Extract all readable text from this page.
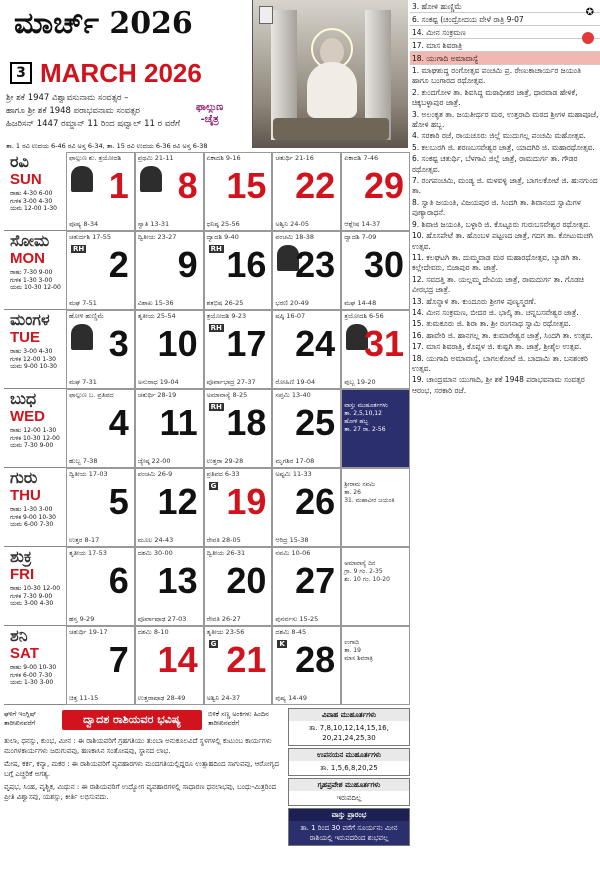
ಮಾರ್ಚ್ 2026
3 MARCH 2026
ಶ್ರೀ ಶಕೆ 1947 ವಿಶ್ವಾವಸುನಾಮ ಸಂವತ್ಸರ –
ಹಾಗೂ ಶ್ರೀ ಶಕೆ 1948 ಪರಾಭವನಾಮ ಸಂವತ್ಸರ
ಹಿಜರಿಸನ್ 1447 ರಮ್ಜಾನ್ 11 ರಿಂದ ಷವ್ವಾಲ್ 11 ರ ವರೆಗೆ
ಫಾಲ್ಗುಣ
-ಚೈತ್ರ
ತಾ. 1 ರವಿ ಉದಯ 6-46 ರವಿ ಅಸ್ತ 6-34, ತಾ. 15 ರವಿ ಉದಯ 6-36 ರವಿ ಅಸ್ತ 6-38
3. ಹೋಳಿ ಹುಣ್ಣಿಮೆ
6. ಸಂಕಷ್ಟ (ಚಂದ್ರೋದಯ ವೇಳೆ ರಾತ್ರಿ 9-07
14. ಮೀನ ಸಂಕ್ರಮಣ
17. ಮಾಸ ಶಿವರಾತ್ರಿ
18. ಯುಗಾದಿ ಅಮಾವಾಸ್ಯೆ
✪
1. ಮಾಘಶುದ್ಧ ರಂಗೋತ್ಸವ ಪಂಚಮಿ ಪ್ರ. ರೇಣುಕಾಚಾರ್ಯರ ಜಯಂತಿ ಹಾಗೂ ಬಂಗಾರದ ರಥೋತ್ಸವ.
2. ಕುಂದಗೋಳ ತಾ. ಶಿವಸಿದ್ಧ ಮಠಾಧೀಶರ ಜಾತ್ರೆ, ಧಾರವಾಡ ಹೇಳಿಕೆ, ಚಿಕ್ಕಬಳ್ಳಾಪುರ ಜಾತ್ರೆ.
3. ಅಲಂಕೃತ ತಾ. ಜಯತೀರ್ಥರ ಮಠ, ಉತ್ತರಾದಿ ಮಠದ ಶ್ರೀಗಳ ಮಹಾಪೂಜೆ, ಹೋಳಿ ಹಬ್ಬ.
4. ಸರಕಾರಿ ರಜೆ, ರಾಯಚೂರು ಜಿಲ್ಲೆ ಮುದುಗಲ್ಲ ಪಂಚಮಿ ಮಹೋತ್ಸವ.
5. ಕಲಬುರಗಿ ಜಿ. ಶರಣಬಸವೇಶ್ವರ ಜಾತ್ರೆ, ಯಾದಗಿರಿ ಜಿ. ಮಹಾರಥೋತ್ಸವ.
6. ಸಂಕಷ್ಟ ಚತುರ್ಥಿ, ಬೆಳಗಾವಿ ಜಿಲ್ಲೆ ಜಾತ್ರೆ, ರಾಮದುರ್ಗ ತಾ. ಗೌಡರ ರಥೋತ್ಸವ.
7. ರಂಗಪಂಚಮಿ, ಮಂಡ್ಯ ಜಿ. ಮಳವಳ್ಳಿ ಜಾತ್ರೆ, ಬಾಗಲಕೋಟೆ ಜಿ. ಹುನಗುಂದ ತಾ.
8. ಸ್ವಾತಿ ಜಯಂತಿ, ವಿಜಯಪುರ ಜಿ. ಸಿಂದಗಿ ತಾ. ಶಿವಾನಂದ ಸ್ವಾಮಿಗಳ ಪುಣ್ಯಾರಾಧನೆ.
9. ಶಿವಾಜಿ ಜಯಂತಿ, ಬಳ್ಳಾರಿ ಜಿ. ಕೊಟ್ಟೂರು ಗುರುಬಸವೇಶ್ವರ ರಥೋತ್ಸವ.
10. ಹೊಸಪೇಟೆ ತಾ. ಹೊಂಬಳ ಪಟ್ಟಣದ ಜಾತ್ರೆ, ಗದಗ ತಾ. ಕೋಟುಮಚಗಿ ಉತ್ಸವ.
11. ಕಲಘಟಗಿ ತಾ. ದುಮ್ಮವಾಡ ಮಠ ಮಹಾರಥೋತ್ಸವ, ಬ್ಯಾಡಗಿ ತಾ. ಕಲ್ಲೇದೇವರು, ಬಿಜಾಪುರ ತಾ. ಜಾತ್ರೆ.
12. ಸವದತ್ತಿ ತಾ. ಯಲ್ಲಮ್ಮ ದೇವಿಯ ಜಾತ್ರೆ, ರಾಮದುರ್ಗ ತಾ. ಗೊಡಚಿ ವೀರಭದ್ರ ಜಾತ್ರೆ.
13. ಹೊನ್ನಾಳಿ ತಾ. ಕುಂದೂರು ಶ್ರೀಗಳ ಪುಣ್ಯಸ್ಮರಣೆ.
14. ಮೀನ ಸಂಕ್ರಮಣ, ಬೀದರ ಜಿ. ಭಾಲ್ಕಿ ತಾ. ಚನ್ನಬಸವೇಶ್ವರ ಜಾತ್ರೆ.
15. ತುಮಕೂರು ಜಿ. ಶಿರಾ ತಾ. ಶ್ರೀ ರಂಗನಾಥ ಸ್ವಾಮಿ ರಥೋತ್ಸವ.
16. ಹಾವೇರಿ ಜಿ. ಹಾನಗಲ್ಲ ತಾ. ಕುಮಾರೇಶ್ವರ ಜಾತ್ರೆ, ಸಿಂದಗಿ ತಾ. ಉತ್ಸವ.
17. ಮಾಸ ಶಿವರಾತ್ರಿ, ಕೊಪ್ಪಳ ಜಿ. ಕುಷ್ಟಗಿ ತಾ. ಜಾತ್ರೆ, ಶ್ರೀಶೈಲ ಉತ್ಸವ.
18. ಯುಗಾದಿ ಅಮಾವಾಸ್ಯೆ, ಬಾಗಲಕೋಟೆ ಜಿ. ಬಾದಾಮಿ ತಾ. ಬನಶಂಕರಿ ಉತ್ಸವ.
19. ಚಾಂದ್ರಮಾನ ಯುಗಾದಿ, ಶ್ರೀ ಶಕೆ 1948 ಪರಾಭವನಾಮ ಸಂವತ್ಸರ ಆರಂಭ, ಸರಕಾರಿ ರಜೆ.
ರವಿ
SUN
ರಾಹು 4-30 6-00
ಗುಳಿಕ 3-00 4-30
ಯಮ 12-00 1-30
ಫಾಲ್ಗುಣ ಶು. ತ್ರಯೋದಶಿ
1
ಪೂಷ್ಯ 8-34
ಪ್ರಥಮಿ 21-11
8
ಸ್ವಾತಿ 13-31
ಏಕಾದಶಿ 9-16
15
ಧನಿಷ್ಠ 25-56
ಚತುರ್ಥಿ 21-16
22
ಅಶ್ವಿನಿ 24-05
ಏಕಾದಶಿ 7-46
29
ಆಶ್ಲೇಷ 14-37
ಸೋಮ
MON
ರಾಹು 7-30 9-00
ಗುಳಿಕ 1-30 3-00
ಯಮ 10-30 12-00
ಚತುರ್ದಶಿ 17-55
RH 2
ಮಘ 7-51
ದ್ವಿತೀಯ 23-27
9
ವಿಶಾಖ 15-36
ದ್ವಾದಶಿ 9-40
RH 16
ಶತಭಿಷ 26-25
ಪಂಚಮಿ 18-38
23
ಭರಣಿ 20-49
ದ್ವಾದಶಿ 7-09
30
ಮಘ 14-48
ಮಂಗಳ
TUE
ರಾಹು 3-00 4-30
ಗುಳಿಕ 12-00 1-30
ಯಮ 9-00 10-30
ಹೋಳಿ ಹುಣ್ಣಿಮೆ
3
ಮಘ 7-31
ತೃತೀಯ 25-54
10
ಅನುರಾಧ 19-04
ತ್ರಯೋದಶಿ 9-23
RH 17
ಪೂರ್ವಾಭಾದ್ರ 27-37
ಷಷ್ಠಿ 16-07
24
ರೋಹಿಣಿ 19-04
ತ್ರಯೋದಶಿ 6-56
31
ಪುಬ್ಬ 19-20
ಬುಧ
WED
ರಾಹು 12-00 1-30
ಗುಳಿಕ 10-30 12-00
ಯಮ 7-30 9-00
ಫಾಲ್ಗುಣ ಬ. ಪ್ರತಿಪದ
4
ಹುಬ್ಬ 7-38
ಚತುರ್ಥಿ 28-19
11
ಜ್ಯೇಷ್ಠ 22-00
ಅಮಾವಾಸ್ಯೆ 8-25
RH 18
ಉತ್ತರಾ 29-28
ಸಪ್ತಮಿ 13-40
25
ಮೃಗಶಿರ 17-08
ವಾಸ್ತು ಮುಹೂರ್ತಗಳು
ತಾ. 2,5,10,12
ಹೋಳಿ ಹಬ್ಬ
ತಾ. 27 ರಾ. 2-56
ಗುರು
THU
ರಾಹು 1-30 3-00
ಗುಳಿಕ 9-00 10-30
ಯಮ 6-00 7-30
ದ್ವಿತೀಯ 17-03
5
ಉತ್ತರ 8-17
ಪಂಚಮಿ 26-9
12
ಮೂಲ 24-43
ಪ್ರತಿಪದ 6-33
G 19
ರೇವತಿ 28-05
ಅಷ್ಟಮಿ 11-33
26
ಆರಿದ್ರ 15-38
ಶ್ರೀರಾಮ ನವಮಿ
ತಾ. 26
31. ಮಹಾವೀರ ಜಯಂತಿ
ಶುಕ್ರ
FRI
ರಾಹು 10-30 12-00
ಗುಳಿಕ 7-30 9-00
ಯಮ 3-00 4-30
ತೃತೀಯ 17-53
6
ಹಸ್ತ 9-29
ದಶಮಿ 30-00
13
ಪೂರ್ವಾಷಾಢ 27-03
ದ್ವಿತೀಯ 26-31
20
ರೇವತಿ 26-27
ನವಮಿ 10-06
27
ಪುನರ್ವಸು 15-25
ಅಮಾವಾಸ್ಯೆ ದಿನ
ಗ್ರಾ. 9 ಗಂ. 2-35
ಶು. 10 ಗಂ. 10-20
ಶನಿ
SAT
ರಾಹು 9-00 10-30
ಗುಳಿಕ 6-00 7-30
ಯಮ 1-30 3-00
ಚತುರ್ಥಿ 19-17
7
ಚಿತ್ತ 11-15
ದಶಮಿ 8-10
14
ಉತ್ತರಾಷಾಢ 28-49
ತೃತೀಯ 23-56
G 21
ಅಶ್ವಿನಿ 24-37
ದಶಮಿ 8-45
K 28
ಪುಷ್ಯ 14-49
ಉಗಾದಿ
ತಾ. 19
ಮಾಸ ಶಿವರಾತ್ರಿ
ಘಳಿಗೆ ಇಂಗ್ಲಿಷ್ ತಾರೀಖಿನವರೆಗೆ	ದ್ವಾದಶ ರಾಶಿಯವರ ಭವಿಷ್ಯ	ಬಿಳಿಕೆ ಸಣ್ಣ ಅಂಕಿಗಳು ಹಿಂದಿನ ತಾರೀಖಿನವರೆಗೆ

ತುಲಾ, ಧನಸ್ಸು, ಕುಂಭ, ಮೀನ : ಈ ರಾಶಿಯವರಿಗೆ ಗ್ರಹಗತಿಯು ತುಂಬಾ ಅನುಕೂಲವಿದೆ ಸ್ಥಳಗಳಲ್ಲಿ ಕುಟುಂಬ ಕಾರ್ಯಗಳು ಮಂಗಳಕಾರ್ಯಗಳು ಜರುಗುವವು, ಹಣಕಾಸಿನ ಸಂತೋಷವು, ಸ್ಥಾನದ ಲಾಭ.

ಮೇಷ, ಕರ್ಕ, ಕನ್ಯಾ, ಮಕರ : ಈ ರಾಶಿಯವರಿಗೆ ವ್ಯವಹಾರಗಳು ಮಂದಗತಿಯಲ್ಲಿದ್ದರೂ ಉತ್ಸಾಹದಿಂದ ಸಾಗುವವು, ಆರೋಗ್ಯದ ಬಗ್ಗೆ ಎಚ್ಚರಿಕೆ ಅಗತ್ಯ.

ವೃಷಭ, ಸಿಂಹ, ವೃಶ್ಚಿಕ, ಮಿಥುನ : ಈ ರಾಶಿಯವರಿಗೆ ಉದ್ಯೋಗ ವ್ಯವಹಾರಗಳಲ್ಲಿ ಸಾಧಾರಣ ಧನಲಾಭವು, ಬಂಧು-ಮಿತ್ರರಿಂದ ಪ್ರೀತಿ ವಿಶ್ವಾಸವು, ಯಶಸ್ಸು, ಕೀರ್ತಿ ಲಭಿಸುವದು.

ವಿವಾಹ ಮುಹೂರ್ತಗಳು
ತಾ. 7,8,10,12,14,15,16, 20,21,24,25,30
ಉಪನಯನ ಮುಹೂರ್ತಗಳು
ತಾ. 1,5,6,8,20,25
ಗೃಹಪ್ರವೇಶ ಮುಹೂರ್ತಗಳು
ಇರುವದಿಲ್ಲ
ವಾಸ್ತು ಪ್ರಾರಂಭ
ತಾ. 1 ರಿಂದ 30 ವರೆಗೆ ಸೂರ್ಯನು ಮೀನ ರಾಶಿಯಲ್ಲಿ ಇರುವದರಿಂದ ಶುಭವಲ್ಲ
